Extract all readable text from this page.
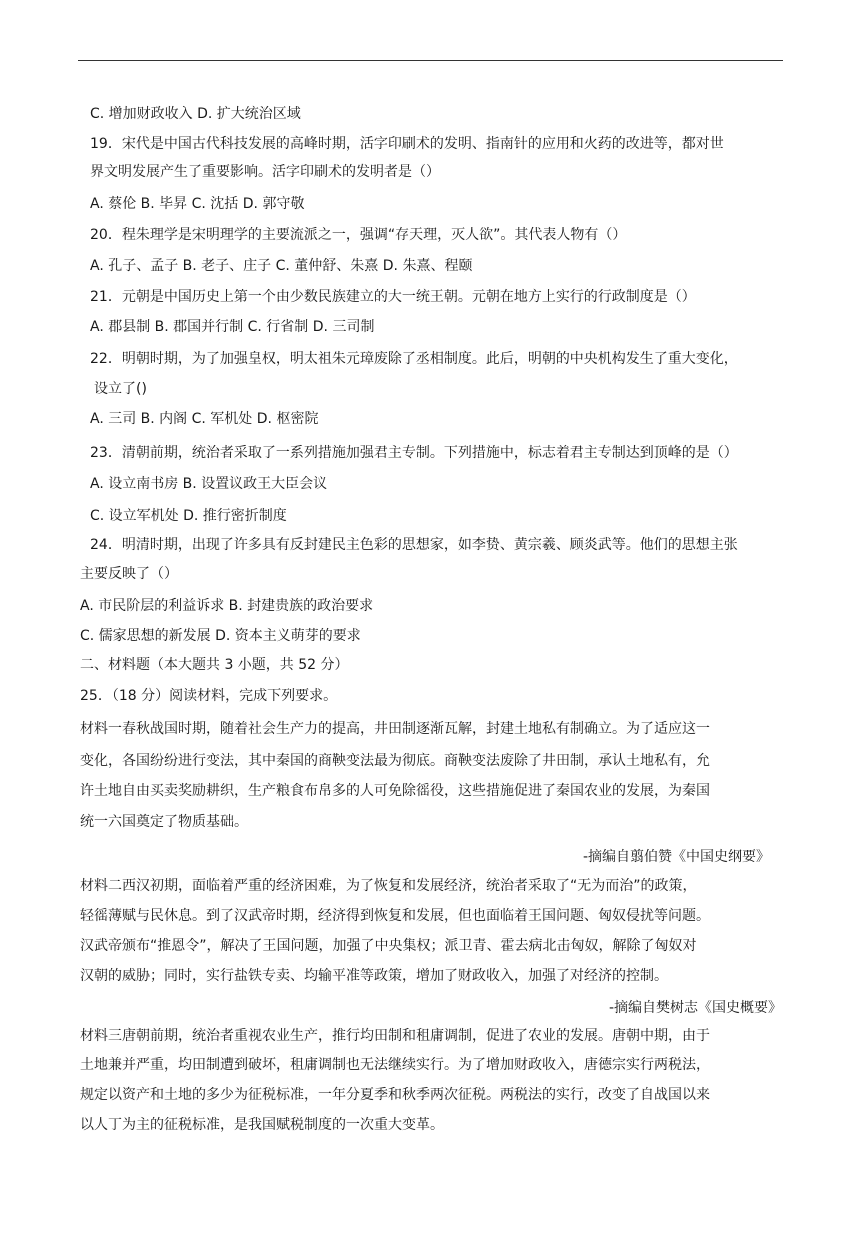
C. 增加财政收入 D. 扩大统治区域
19．宋代是中国古代科技发展的高峰时期，活字印刷术的发明、指南针的应用和火药的改进等，都对世
界文明发展产生了重要影响。活字印刷术的发明者是（）
A. 蔡伦 B. 毕昇 C. 沈括 D. 郭守敬
20．程朱理学是宋明理学的主要流派之一，强调“存天理，灭人欲”。其代表人物有（）
A. 孔子、孟子 B. 老子、庄子 C. 董仲舒、朱熹 D. 朱熹、程颐
21．元朝是中国历史上第一个由少数民族建立的大一统王朝。元朝在地方上实行的行政制度是（）
A. 郡县制 B. 郡国并行制 C. 行省制 D. 三司制
22．明朝时期，为了加强皇权，明太祖朱元璋废除了丞相制度。此后，明朝的中央机构发生了重大变化，
设立了()
A. 三司 B. 内阁 C. 军机处 D. 枢密院
23．清朝前期，统治者采取了一系列措施加强君主专制。下列措施中，标志着君主专制达到顶峰的是（）
A. 设立南书房 B. 设置议政王大臣会议
C. 设立军机处 D. 推行密折制度
24．明清时期，出现了许多具有反封建民主色彩的思想家，如李贽、黄宗羲、顾炎武等。他们的思想主张
主要反映了（）
A. 市民阶层的利益诉求 B. 封建贵族的政治要求
C. 儒家思想的新发展 D. 资本主义萌芽的要求
二、材料题（本大题共 3 小题，共 52 分）
25．（18 分）阅读材料，完成下列要求。
材料一春秋战国时期，随着社会生产力的提高，井田制逐渐瓦解，封建土地私有制确立。为了适应这一
变化，各国纷纷进行变法，其中秦国的商鞅变法最为彻底。商鞅变法废除了井田制，承认土地私有，允
许土地自由买卖奖励耕织，生产粮食布帛多的人可免除徭役，这些措施促进了秦国农业的发展，为秦国
统一六国奠定了物质基础。
-摘编自翦伯赞《中国史纲要》
材料二西汉初期，面临着严重的经济困难，为了恢复和发展经济，统治者采取了“无为而治”的政策，
轻徭薄赋与民休息。到了汉武帝时期，经济得到恢复和发展，但也面临着王国问题、匈奴侵扰等问题。
汉武帝颁布“推恩令”，解决了王国问题，加强了中央集权；派卫青、霍去病北击匈奴，解除了匈奴对
汉朝的威胁；同时，实行盐铁专卖、均输平准等政策，增加了财政收入，加强了对经济的控制。
-摘编自樊树志《国史概要》
材料三唐朝前期，统治者重视农业生产，推行均田制和租庸调制，促进了农业的发展。唐朝中期，由于
土地兼并严重，均田制遭到破坏，租庸调制也无法继续实行。为了增加财政收入，唐德宗实行两税法，
规定以资产和土地的多少为征税标准，一年分夏季和秋季两次征税。两税法的实行，改变了自战国以来
以人丁为主的征税标准，是我国赋税制度的一次重大变革。
